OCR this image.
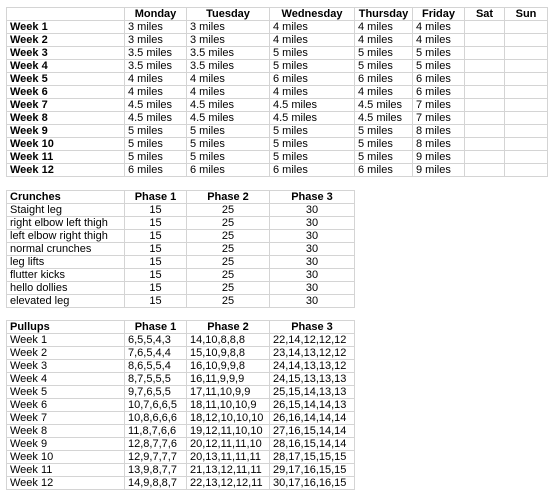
	Monday	Tuesday	Wednesday	Thursday	Friday	Sat	Sun
Week 1	3 miles	3 miles	4 miles	4 miles	4 miles		
Week 2	3 miles	3 miles	4 miles	4 miles	4 miles		
Week 3	3.5 miles	3.5 miles	5 miles	5 miles	5 miles		
Week 4	3.5 miles	3.5 miles	5 miles	5 miles	5 miles		
Week 5	4 miles	4 miles	6 miles	6 miles	6 miles		
Week 6	4 miles	4 miles	4 miles	4 miles	6 miles		
Week 7	4.5 miles	4.5 miles	4.5 miles	4.5 miles	7 miles		
Week 8	4.5 miles	4.5 miles	4.5 miles	4.5 miles	7 miles		
Week 9	5 miles	5 miles	5 miles	5 miles	8 miles		
Week 10	5 miles	5 miles	5 miles	5 miles	8 miles		
Week 11	5 miles	5 miles	5 miles	5 miles	9 miles		
Week 12	6 miles	6 miles	6 miles	6 miles	9 miles		
Crunches	Phase 1	Phase 2	Phase 3
Staight leg	15	25	30
right elbow left thigh	15	25	30
left elbow right thigh	15	25	30
normal crunches	15	25	30
leg lifts	15	25	30
flutter kicks	15	25	30
hello dollies	15	25	30
elevated leg	15	25	30
Pullups	Phase 1	Phase 2	Phase 3
Week 1	6,5,5,4,3	14,10,8,8,8	22,14,12,12,12
Week 2	7,6,5,4,4	15,10,9,8,8	23,14,13,12,12
Week 3	8,6,5,5,4	16,10,9,9,8	24,14,13,13,12
Week 4	8,7,5,5,5	16,11,9,9,9	24,15,13,13,13
Week 5	9,7,6,5,5	17,11,10,9,9	25,15,14,13,13
Week 6	10,7,6,6,5	18,11,10,10,9	26,15,14,14,13
Week 7	10,8,6,6,6	18,12,10,10,10	26,16,14,14,14
Week 8	11,8,7,6,6	19,12,11,10,10	27,16,15,14,14
Week 9	12,8,7,7,6	20,12,11,11,10	28,16,15,14,14
Week 10	12,9,7,7,7	20,13,11,11,11	28,17,15,15,15
Week 11	13,9,8,7,7	21,13,12,11,11	29,17,16,15,15
Week 12	14,9,8,8,7	22,13,12,12,11	30,17,16,16,15
